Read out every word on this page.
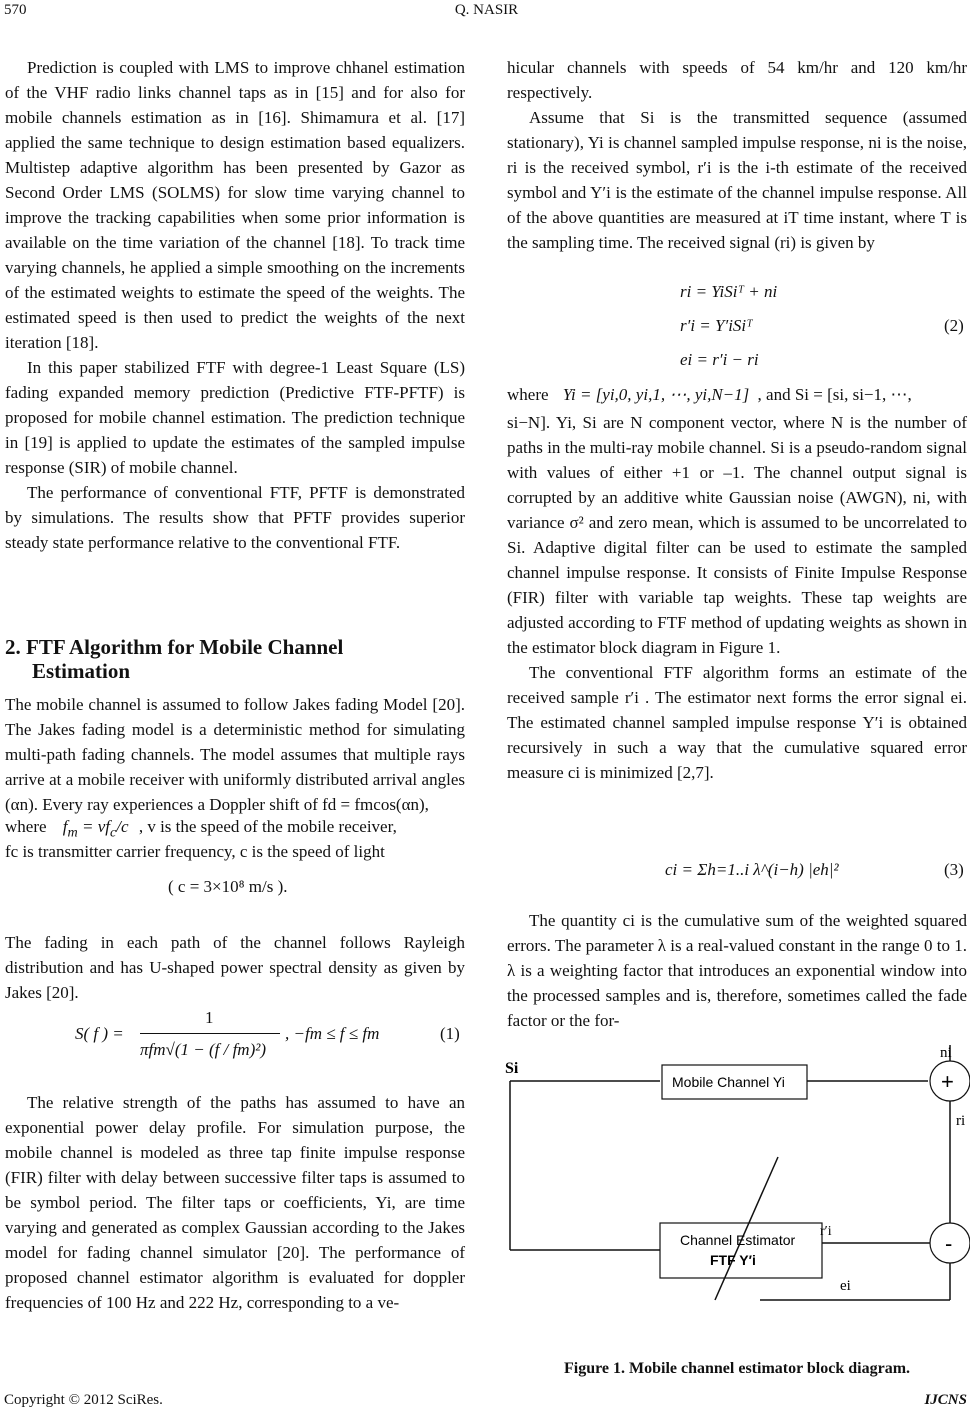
570	Q. NASIR

Prediction is coupled with LMS to improve chhanel estimation of the VHF radio links channel taps as in [15] and for also for mobile channels estimation as in [16]. Shimamura et al. [17] applied the same technique to design estimation based equalizers. Multistep adaptive algorithm has been presented by Gazor as Second Order LMS (SOLMS) for slow time varying channel to improve the tracking capabilities when some prior information is available on the time variation of the channel [18]. To track time varying channels, he applied a simple smoothing on the increments of the estimated weights to estimate the speed of the weights. The estimated speed is then used to predict the weights of the next iteration [18].

In this paper stabilized FTF with degree-1 Least Square (LS) fading expanded memory prediction (Predictive FTF-PFTF) is proposed for mobile channel estimation. The prediction technique in [19] is applied to update the estimates of the sampled impulse response (SIR) of mobile channel.

The performance of conventional FTF, PFTF is demonstrated by simulations. The results show that PFTF provides superior steady state performance relative to the conventional FTF.

2. FTF Algorithm for Mobile Channel
Estimation

The mobile channel is assumed to follow Jakes fading Model [20]. The Jakes fading model is a deterministic method for simulating multi-path fading channels. The model assumes that multiple rays arrive at a mobile receiver with uniformly distributed arrival angles (αn). Every ray experiences a Doppler shift of fd = fmcos(αn),

where $f_m = vf_c/c$ , v is the speed of the mobile receiver,
fc is transmitter carrier frequency, c is the speed of light
( c = 3×10⁸ m/s ).

The fading in each path of the channel follows Rayleigh distribution and has U-shaped power spectral density as given by Jakes [20].

S( f ) =
1
πfm√(1 − (f / fm)²)
, −fm ≤ f ≤ fm	(1)

The relative strength of the paths has assumed to have an exponential power delay profile. For simulation purpose, the mobile channel is modeled as three tap finite impulse response (FIR) filter with delay between successive filter taps is assumed to be symbol period. The filter taps or coefficients, Yi, are time varying and generated as complex Gaussian according to the Jakes model for fading channel simulator [20]. The performance of proposed channel estimator algorithm is evaluated for doppler frequencies of 100 Hz and 222 Hz, corresponding to a ve-

hicular channels with speeds of 54 km/hr and 120 km/hr respectively.

Assume that Si is the transmitted sequence (assumed stationary), Yi is channel sampled impulse response, ni is the noise, ri is the received symbol, r′i is the i-th estimate of the received symbol and Y′i is the estimate of the channel impulse response. All of the above quantities are measured at iT time instant, where T is the sampling time. The received signal (ri) is given by

ri = YiSiᵀ + ni
r′i = Y′iSiᵀ
ei = r′i − ri
(2)
where Yi = [yi,0, yi,1, ⋯, yi,N−1] , and Si = [si, si−1, ⋯,

si−N]. Yi, Si are N component vector, where N is the number of paths in the multi-ray mobile channel. Si is a pseudo-random signal with values of either +1 or –1. The channel output signal is corrupted by an additive white Gaussian noise (AWGN), ni, with variance σ² and zero mean, which is assumed to be uncorrelated to Si. Adaptive digital filter can be used to estimate the sampled channel impulse response. It consists of Finite Impulse Response (FIR) filter with variable tap weights. These tap weights are adjusted according to FTF method of updating weights as shown in the estimator block diagram in Figure 1.

The conventional FTF algorithm forms an estimate of the received sample r′i . The estimator next forms the error signal ei. The estimated channel sampled impulse response Y′i is obtained recursively in such a way that the cumulative squared error measure ci is minimized [2,7].

ci = Σh=1..i λ^(i−h) |eh|²	(3)

The quantity ci is the cumulative sum of the weighted squared errors. The parameter λ is a real-valued constant in the range 0 to 1. λ is a weighting factor that introduces an exponential window into the processed samples and is, therefore, sometimes called the fade factor or the for-

Si
ni
ri
r′i
ei
Mobile Channel Yi
Channel Estimator
FTF Y′i
+
-
Figure 1. Mobile channel estimator block diagram.
Copyright © 2012 SciRes.	IJCNS
